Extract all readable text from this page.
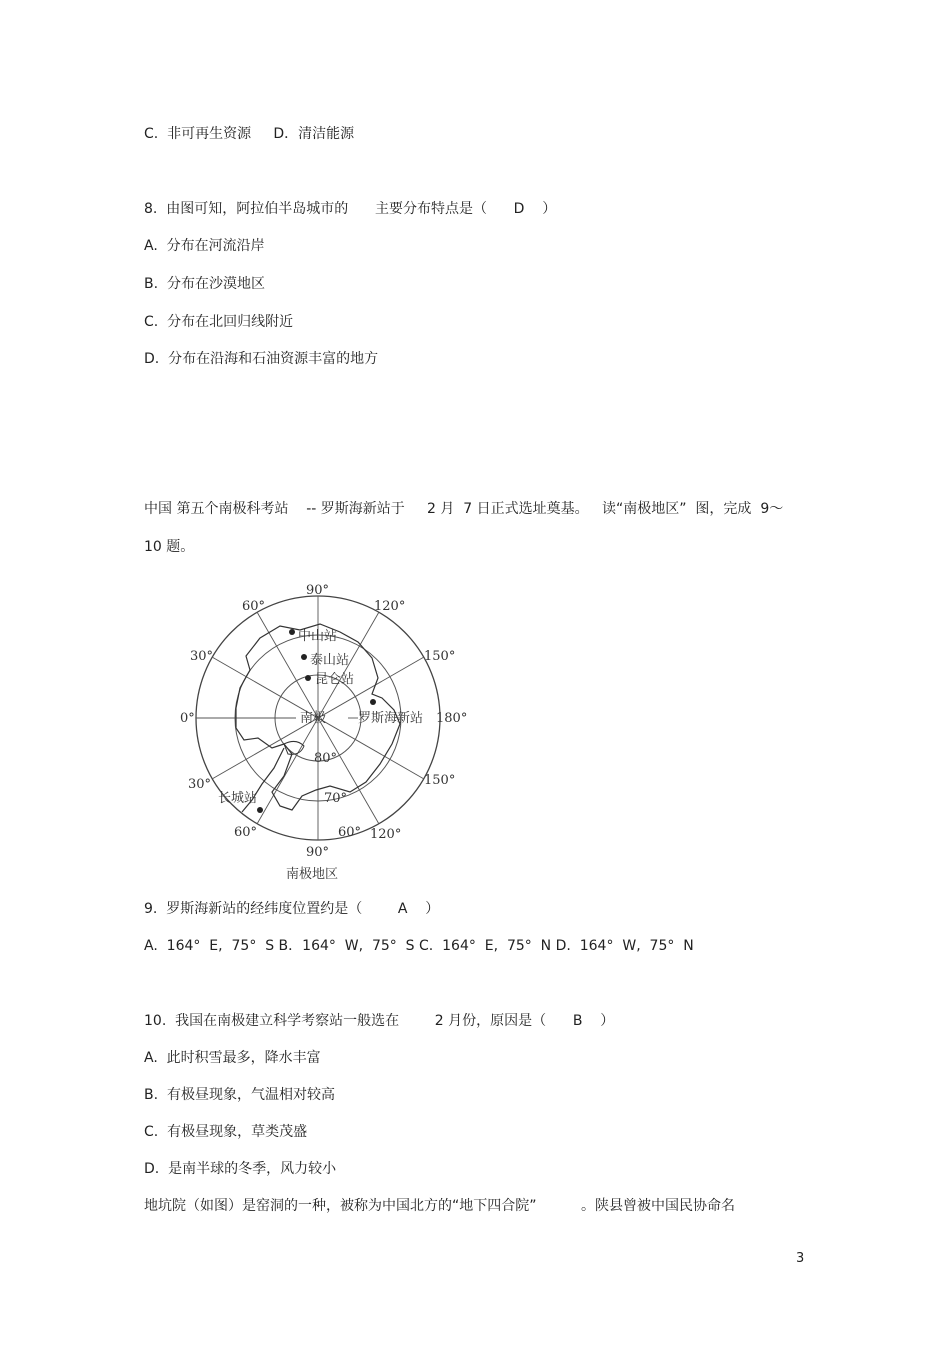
C.  非可再生资源     D．清洁能源
8.  由图可知，阿拉伯半岛城市的      主要分布特点是（      D    ）
A.  分布在河流沿岸
B.  分布在沙漠地区
C.  分布在北回归线附近
D.  分布在沿海和石油资源丰富的地方
中国 第五个南极科考站    -- 罗斯海新站于     2 月  7 日正式选址奠基。   读“南极地区”  图，完成  9～
10 题。
90°
60°	120°
30°	150°
0°	180°
30°	150°
60°	60° 120°
90°
80°
70°
南极
中山站
泰山站
昆仑站
罗斯海新站
长城站
南极地区
9.  罗斯海新站的经纬度位置约是（        A    ）
A.  164°  E,  75°  S B．164°  W,  75°  S C.  164°  E,  75°  N D.  164°  W,  75°  N
10.  我国在南极建立科学考察站一般选在        2 月份，原因是（      B    ）
A.  此时积雪最多，降水丰富
B.  有极昼现象，气温相对较高
C.  有极昼现象，草类茂盛
D.  是南半球的冬季，风力较小
地坑院（如图）是窑洞的一种，被称为中国北方的“地下四合院”          。陕县曾被中国民协命名
3
